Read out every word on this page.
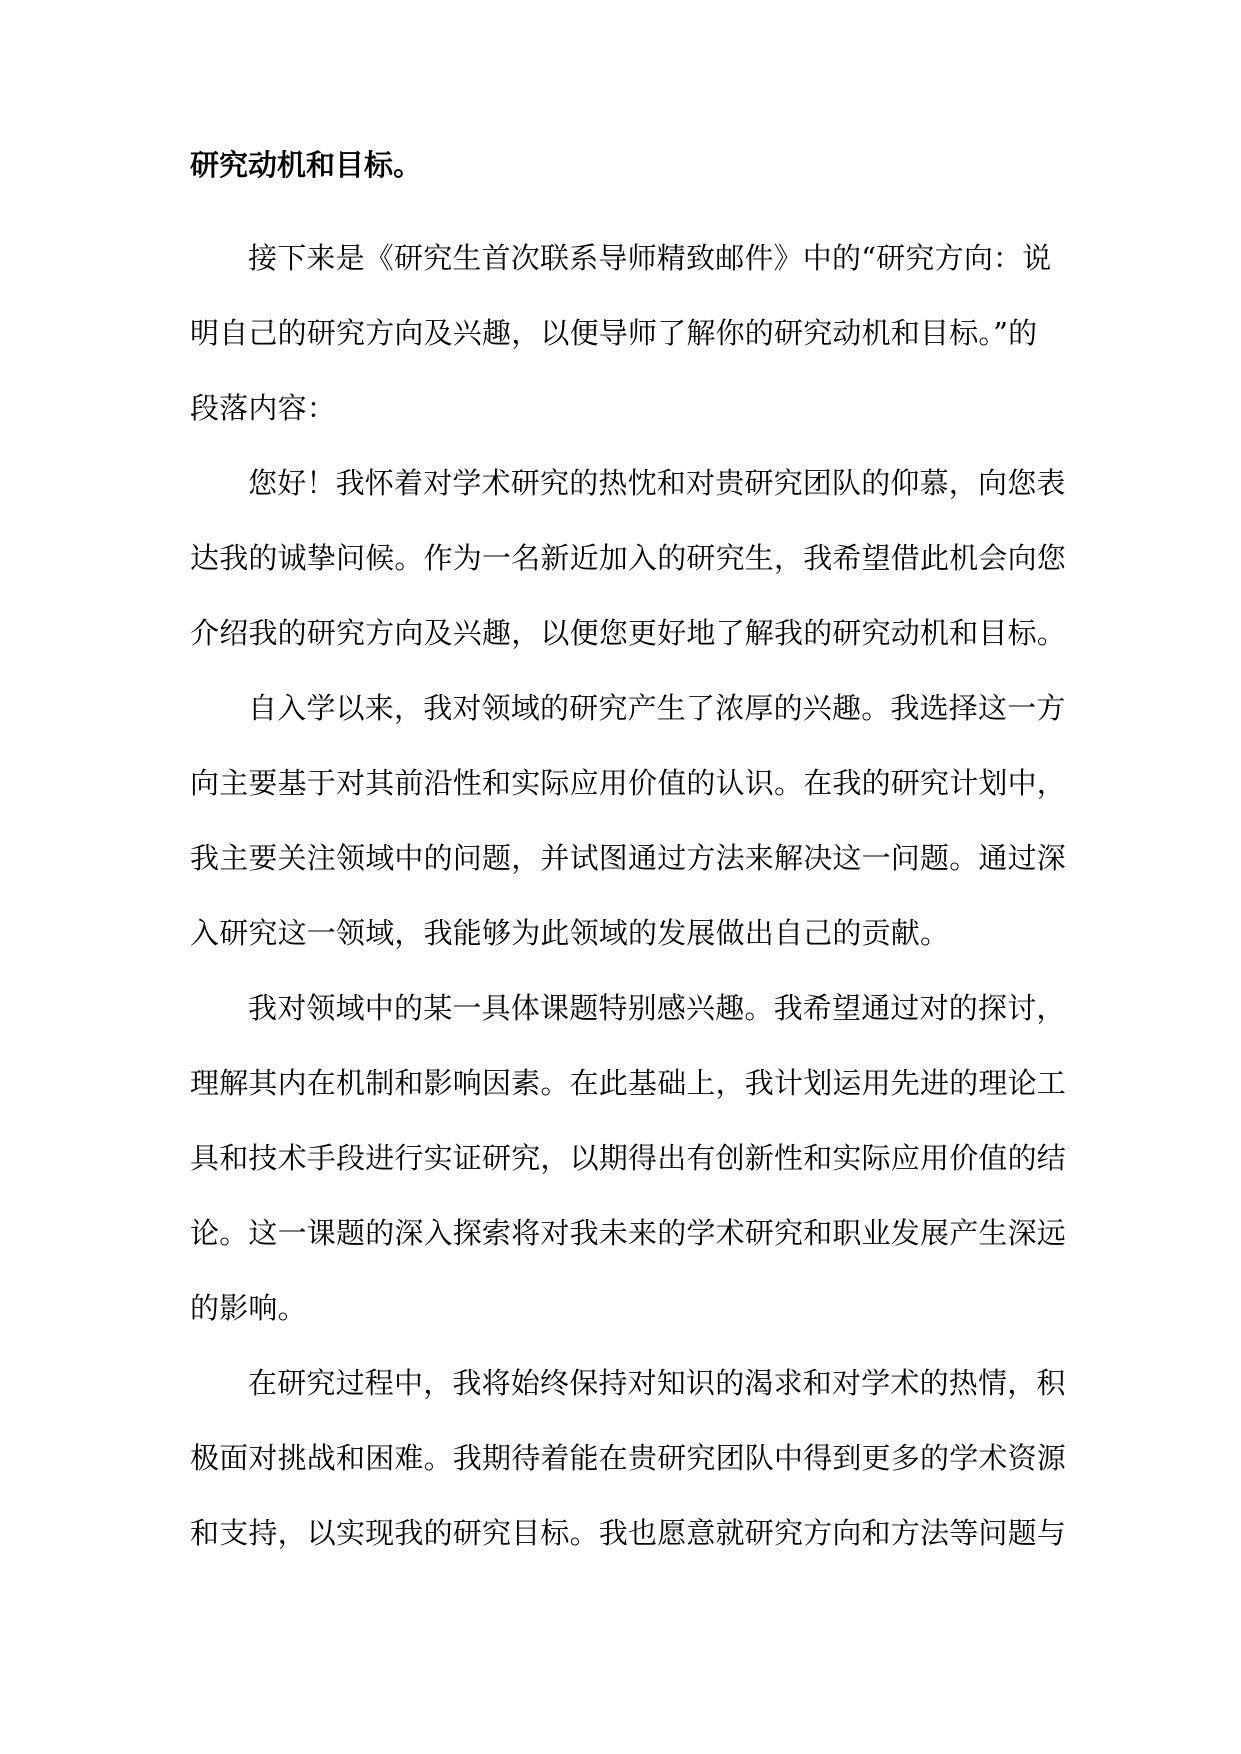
研究动机和目标。
接下来是《研究生首次联系导师精致邮件》中的“研究方向：说
明自己的研究方向及兴趣，以便导师了解你的研究动机和目标。”的
段落内容：
您好！我怀着对学术研究的热忱和对贵研究团队的仰慕，向您表
达我的诚挚问候。作为一名新近加入的研究生，我希望借此机会向您
介绍我的研究方向及兴趣，以便您更好地了解我的研究动机和目标。
自入学以来，我对领域的研究产生了浓厚的兴趣。我选择这一方
向主要基于对其前沿性和实际应用价值的认识。在我的研究计划中，
我主要关注领域中的问题，并试图通过方法来解决这一问题。通过深
入研究这一领域，我能够为此领域的发展做出自己的贡献。
我对领域中的某一具体课题特别感兴趣。我希望通过对的探讨，
理解其内在机制和影响因素。在此基础上，我计划运用先进的理论工
具和技术手段进行实证研究，以期得出有创新性和实际应用价值的结
论。这一课题的深入探索将对我未来的学术研究和职业发展产生深远
的影响。
在研究过程中，我将始终保持对知识的渴求和对学术的热情，积
极面对挑战和困难。我期待着能在贵研究团队中得到更多的学术资源
和支持，以实现我的研究目标。我也愿意就研究方向和方法等问题与
